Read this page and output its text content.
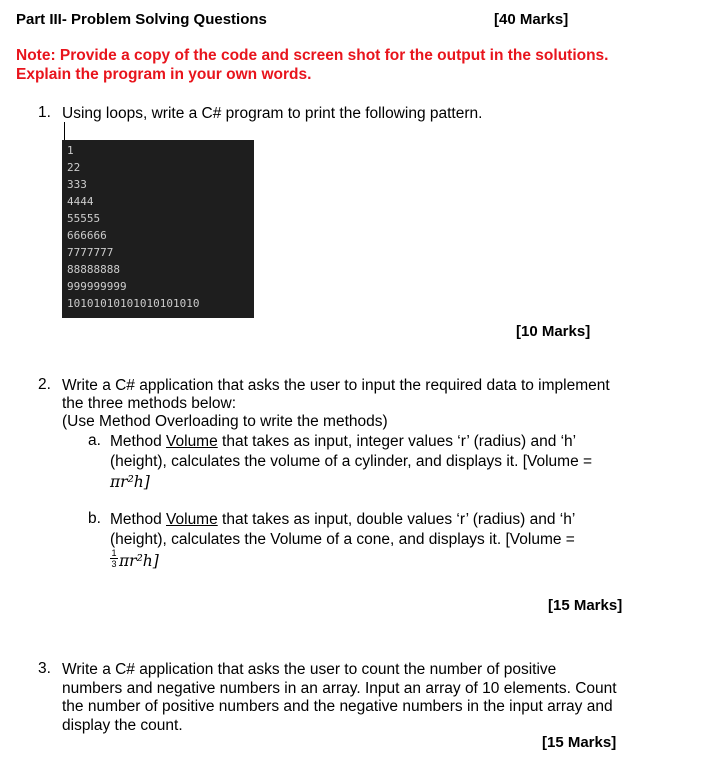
Part III- Problem Solving Questions	[40 Marks]
Note: Provide a copy of the code and screen shot for the output in the solutions.
Explain the program in your own words.
1. Using loops, write a C# program to print the following pattern.
1
22
333
4444
55555
666666
7777777
88888888
999999999
10101010101010101010
[10 Marks]
2. Write a C# application that asks the user to input the required data to implement
the three methods below:
(Use Method Overloading to write the methods)
a. Method Volume that takes as input, integer values ‘r’ (radius) and ‘h’
(height), calculates the volume of a cylinder, and displays it. [Volume =
πr²h]
b. Method Volume that takes as input, double values ‘r’ (radius) and ‘h’
(height), calculates the Volume of a cone, and displays it. [Volume =
$\frac{1}{3} \pi r^2h$]
[15 Marks]
3. Write a C# application that asks the user to count the number of positive
numbers and negative numbers in an array. Input an array of 10 elements. Count
the number of positive numbers and the negative numbers in the input array and
display the count.
[15 Marks]
